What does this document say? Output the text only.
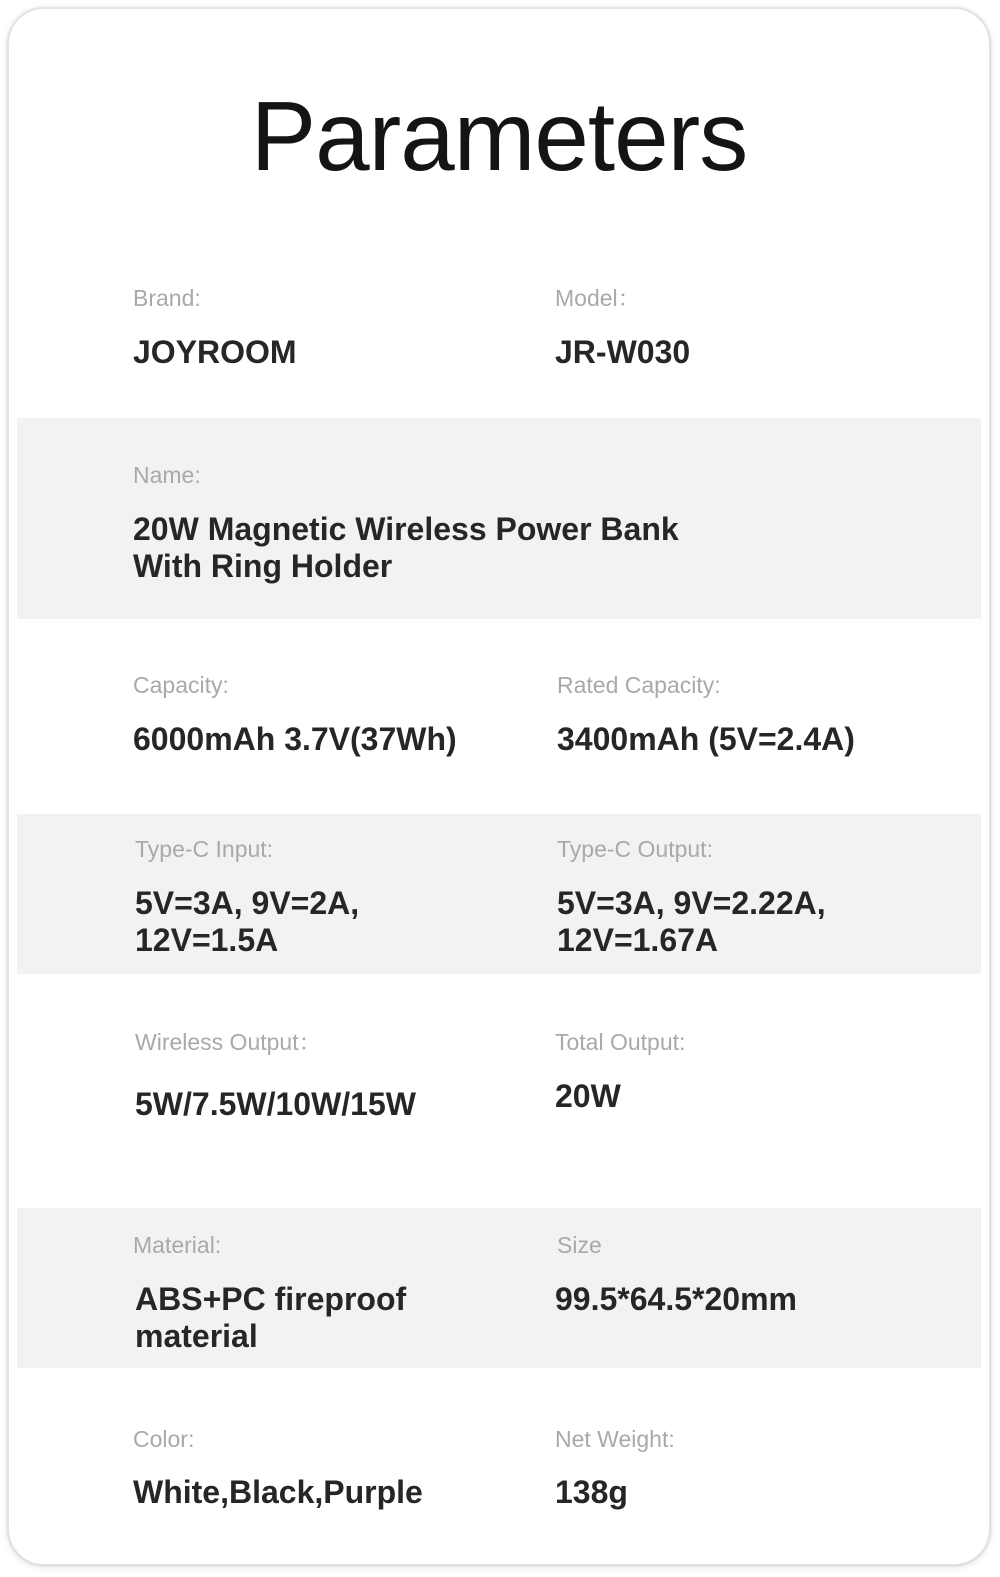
Parameters
Brand:
JOYROOM
Model：
JR-W030
Name:
20W Magnetic Wireless Power Bank
With Ring Holder
Capacity:
6000mAh 3.7V(37Wh)
Rated Capacity:
3400mAh (5V=2.4A)
Type-C Input:
5V=3A, 9V=2A,
12V=1.5A
Type-C Output:
5V=3A, 9V=2.22A,
12V=1.67A
Wireless Output：
5W/7.5W/10W/15W
Total Output:
20W
Material:
ABS+PC fireproof
material
Size
99.5*64.5*20mm
Color:
White,Black,Purple
Net Weight:
138g
